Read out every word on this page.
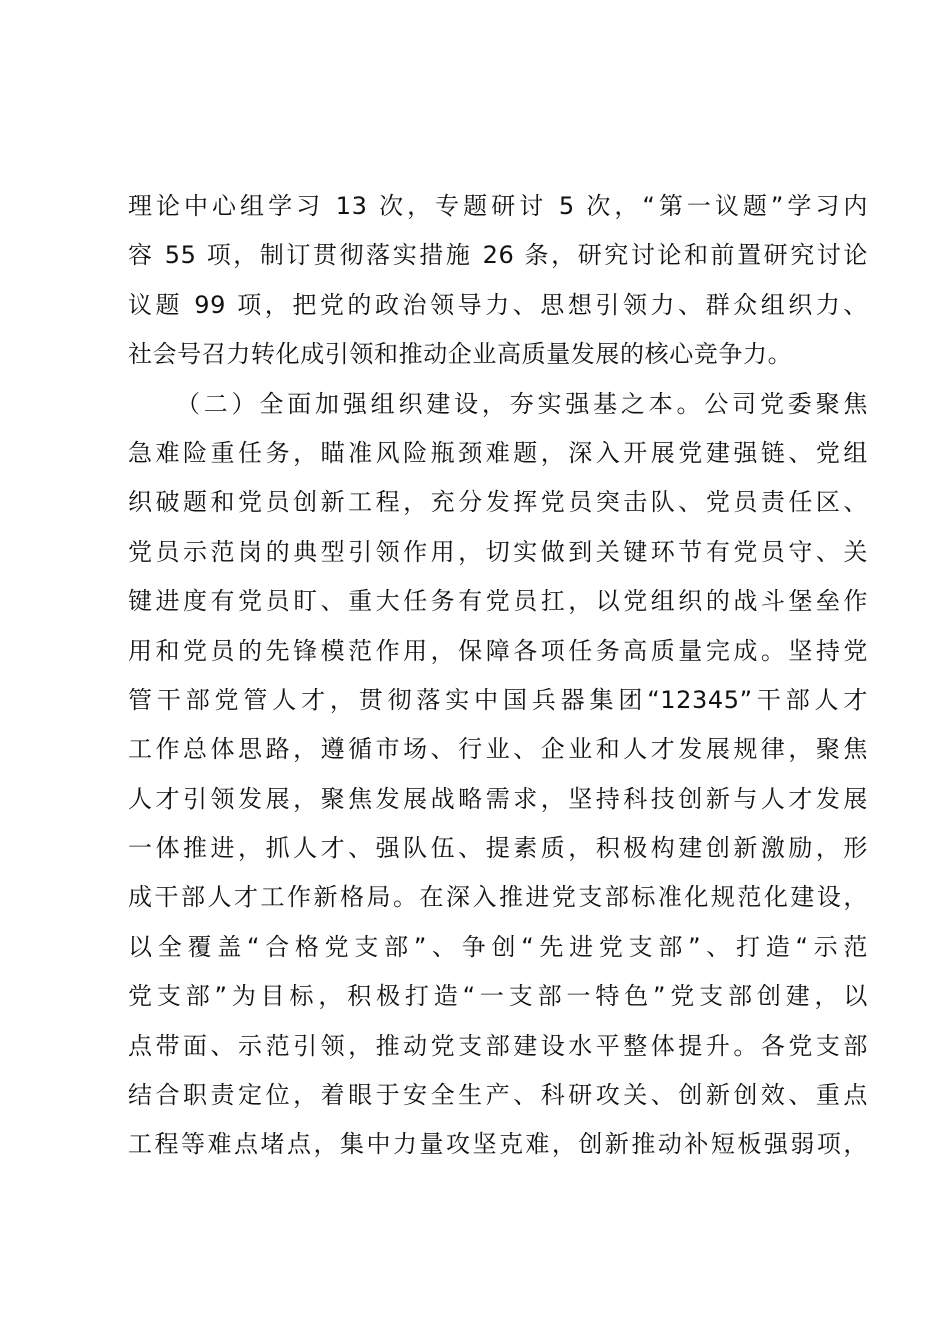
理论中心组学习 13 次，专题研讨 5 次，“第一议题”学习内
容 55 项，制订贯彻落实措施 26 条，研究讨论和前置研究讨论
议题 99 项，把党的政治领导力、思想引领力、群众组织力、
社会号召力转化成引领和推动企业高质量发展的核心竞争力。
（二）全面加强组织建设，夯实强基之本。公司党委聚焦
急难险重任务，瞄准风险瓶颈难题，深入开展党建强链、党组
织破题和党员创新工程，充分发挥党员突击队、党员责任区、
党员示范岗的典型引领作用，切实做到关键环节有党员守、关
键进度有党员盯、重大任务有党员扛，以党组织的战斗堡垒作
用和党员的先锋模范作用，保障各项任务高质量完成。坚持党
管干部党管人才，贯彻落实中国兵器集团“12345”干部人才
工作总体思路，遵循市场、行业、企业和人才发展规律，聚焦
人才引领发展，聚焦发展战略需求，坚持科技创新与人才发展
一体推进，抓人才、强队伍、提素质，积极构建创新激励，形
成干部人才工作新格局。在深入推进党支部标准化规范化建设，
以全覆盖“合格党支部”、争创“先进党支部”、打造“示范
党支部”为目标，积极打造“一支部一特色”党支部创建，以
点带面、示范引领，推动党支部建设水平整体提升。各党支部
结合职责定位，着眼于安全生产、科研攻关、创新创效、重点
工程等难点堵点，集中力量攻坚克难，创新推动补短板强弱项，
